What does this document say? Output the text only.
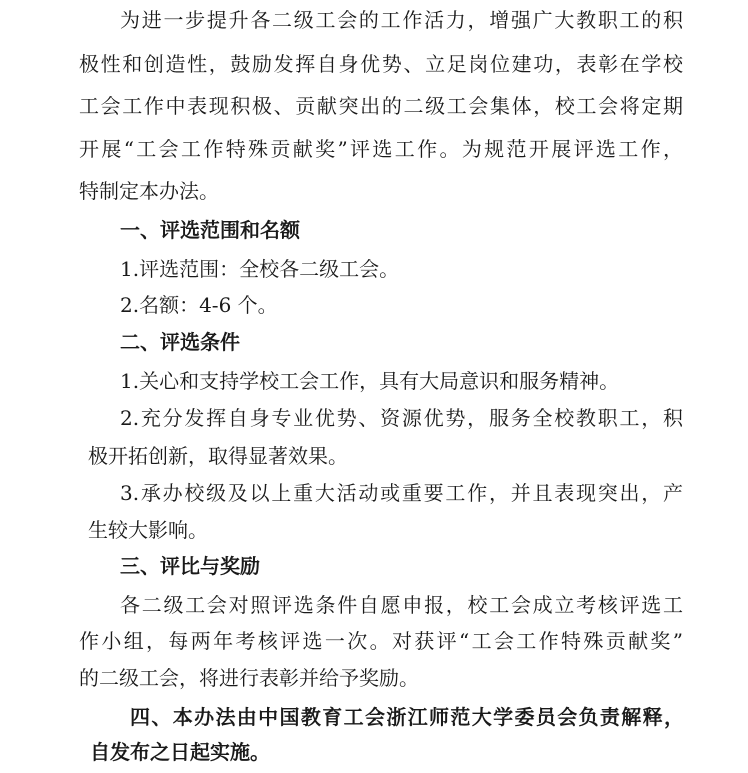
为进一步提升各二级工会的工作活力，增强广大教职工的积
极性和创造性，鼓励发挥自身优势、立足岗位建功，表彰在学校
工会工作中表现积极、贡献突出的二级工会集体，校工会将定期
开展“工会工作特殊贡献奖”评选工作。为规范开展评选工作，
特制定本办法。
一、评选范围和名额
1.评选范围：全校各二级工会。
2.名额：4-6 个。
二、评选条件
1.关心和支持学校工会工作，具有大局意识和服务精神。
2.充分发挥自身专业优势、资源优势，服务全校教职工，积
极开拓创新，取得显著效果。
3.承办校级及以上重大活动或重要工作，并且表现突出，产
生较大影响。
三、评比与奖励
各二级工会对照评选条件自愿申报，校工会成立考核评选工
作小组，每两年考核评选一次。对获评“工会工作特殊贡献奖”
的二级工会，将进行表彰并给予奖励。
四、本办法由中国教育工会浙江师范大学委员会负责解释，
自发布之日起实施。
